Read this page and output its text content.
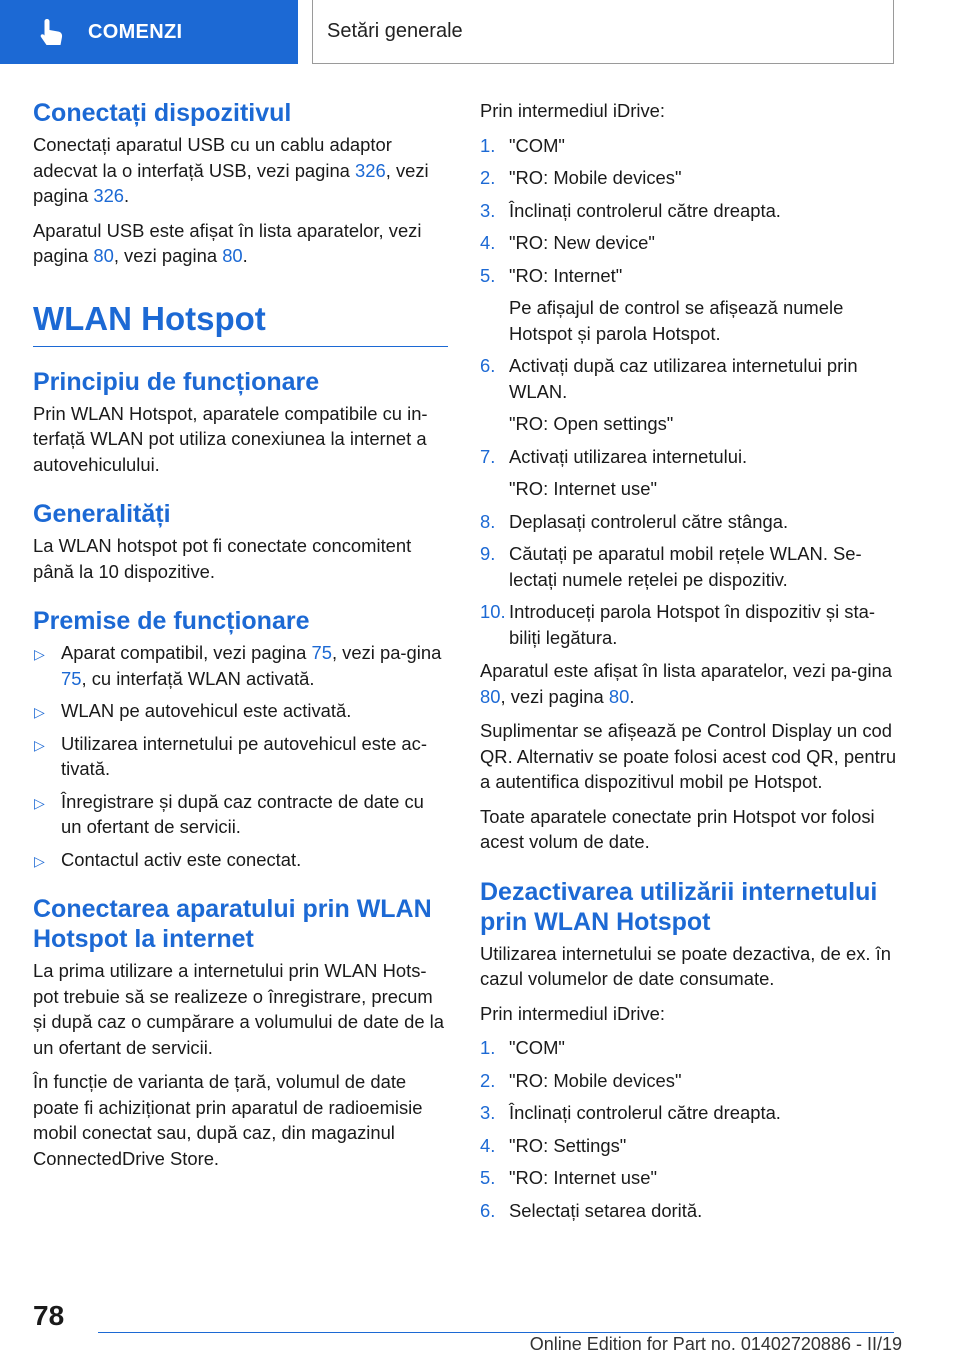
COMENZI	Setări generale
Conectați dispozitivul

Conectați aparatul USB cu un cablu adaptor adecvat la o interfață USB, vezi pagina 326, vezi pagina 326.

Aparatul USB este afișat în lista aparatelor, vezi pagina 80, vezi pagina 80.

WLAN Hotspot
Principiu de funcționare

Prin WLAN Hotspot, aparatele compatibile cu in-terfață WLAN pot utiliza conexiunea la internet a autovehiculului.

Generalități

La WLAN hotspot pot fi conectate concomitent până la 10 dispozitive.

Premise de funcționare
▷ Aparat compatibil, vezi pagina 75, vezi pa-gina 75, cu interfață WLAN activată.
▷ WLAN pe autovehicul este activată.
▷ Utilizarea internetului pe autovehicul este ac-tivată.
▷ Înregistrare și după caz contracte de date cu un ofertant de servicii.
▷ Contactul activ este conectat.
Conectarea aparatului prin WLAN Hotspot la internet

La prima utilizare a internetului prin WLAN Hots-pot trebuie să se realizeze o înregistrare, precum și după caz o cumpărare a volumului de date de la un ofertant de servicii.

În funcție de varianta de țară, volumul de date poate fi achiziționat prin aparatul de radioemisie mobil conectat sau, după caz, din magazinul ConnectedDrive Store.

Prin intermediul iDrive:

1. "COM"
2. "RO: Mobile devices"
3. Înclinați controlerul către dreapta.
4. "RO: New device"
5. "RO: Internet"
Pe afișajul de control se afișează numele Hotspot și parola Hotspot.
6. Activați după caz utilizarea internetului prin WLAN.
"RO: Open settings"
7. Activați utilizarea internetului.
"RO: Internet use"
8. Deplasați controlerul către stânga.
9. Căutați pe aparatul mobil rețele WLAN. Se-lectați numele rețelei pe dispozitiv.
10. Introduceți parola Hotspot în dispozitiv și sta-biliți legătura.

Aparatul este afișat în lista aparatelor, vezi pa-gina 80, vezi pagina 80.

Suplimentar se afișează pe Control Display un cod QR. Alternativ se poate folosi acest cod QR, pentru a autentifica dispozitivul mobil pe Hotspot.

Toate aparatele conectate prin Hotspot vor folosi acest volum de date.

Dezactivarea utilizării internetului prin WLAN Hotspot

Utilizarea internetului se poate dezactiva, de ex. în cazul volumelor de date consumate.

Prin intermediul iDrive:

1. "COM"
2. "RO: Mobile devices"
3. Înclinați controlerul către dreapta.
4. "RO: Settings"
5. "RO: Internet use"
6. Selectați setarea dorită.
78
Online Edition for Part no. 01402720886 - II/19
